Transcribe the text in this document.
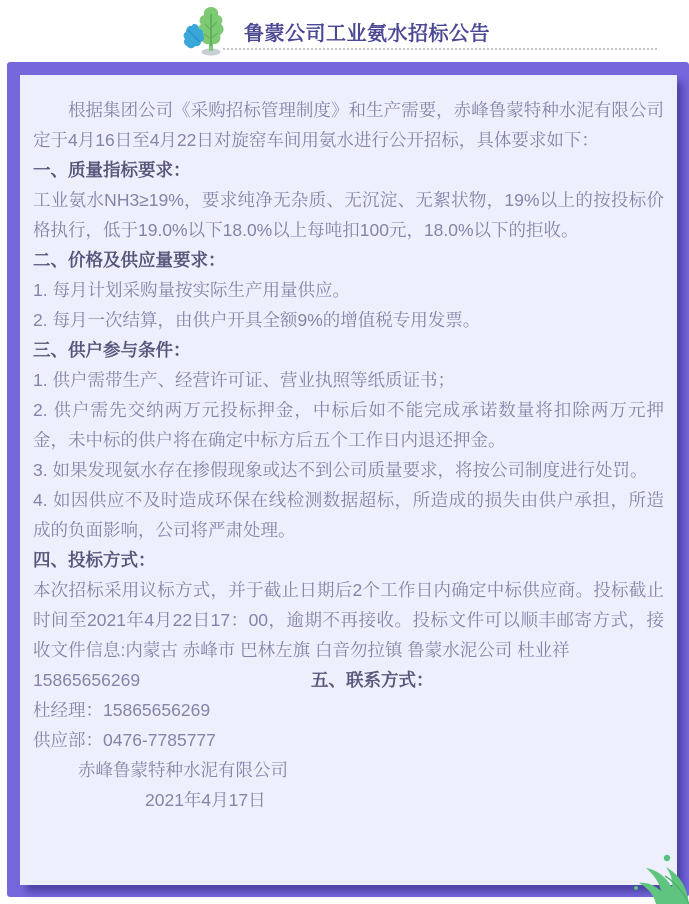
鲁蒙公司工业氨水招标公告

根据集团公司《采购招标管理制度》和生产需要，赤峰鲁蒙特种水泥有限公司定于4月16日至4月22日对旋窑车间用氨水进行公开招标，具体要求如下：

一、质量指标要求：

工业氨水NH3≥19%，要求纯净无杂质、无沉淀、无絮状物，19%以上的按投标价格执行，低于19.0%以下18.0%以上每吨扣100元，18.0%以下的拒收。

二、价格及供应量要求：

1. 每月计划采购量按实际生产用量供应。

2. 每月一次结算，由供户开具全额9%的增值税专用发票。

三、供户参与条件：

1. 供户需带生产、经营许可证、营业执照等纸质证书；

2. 供户需先交纳两万元投标押金，中标后如不能完成承诺数量将扣除两万元押金，未中标的供户将在确定中标方后五个工作日内退还押金。

3. 如果发现氨水存在掺假现象或达不到公司质量要求，将按公司制度进行处罚。

4. 如因供应不及时造成环保在线检测数据超标，所造成的损失由供户承担，所造成的负面影响，公司将严肃处理。

四、投标方式：

本次招标采用议标方式，并于截止日期后2个工作日内确定中标供应商。投标截止时间至2021年4月22日17：00，逾期不再接收。投标文件可以顺丰邮寄方式，接收文件信息:内蒙古 赤峰市 巴林左旗 白音勿拉镇 鲁蒙水泥公司 杜业祥

15865656269	五、联系方式：

杜经理：15865656269

供应部：0476-7785777

赤峰鲁蒙特种水泥有限公司

2021年4月17日
